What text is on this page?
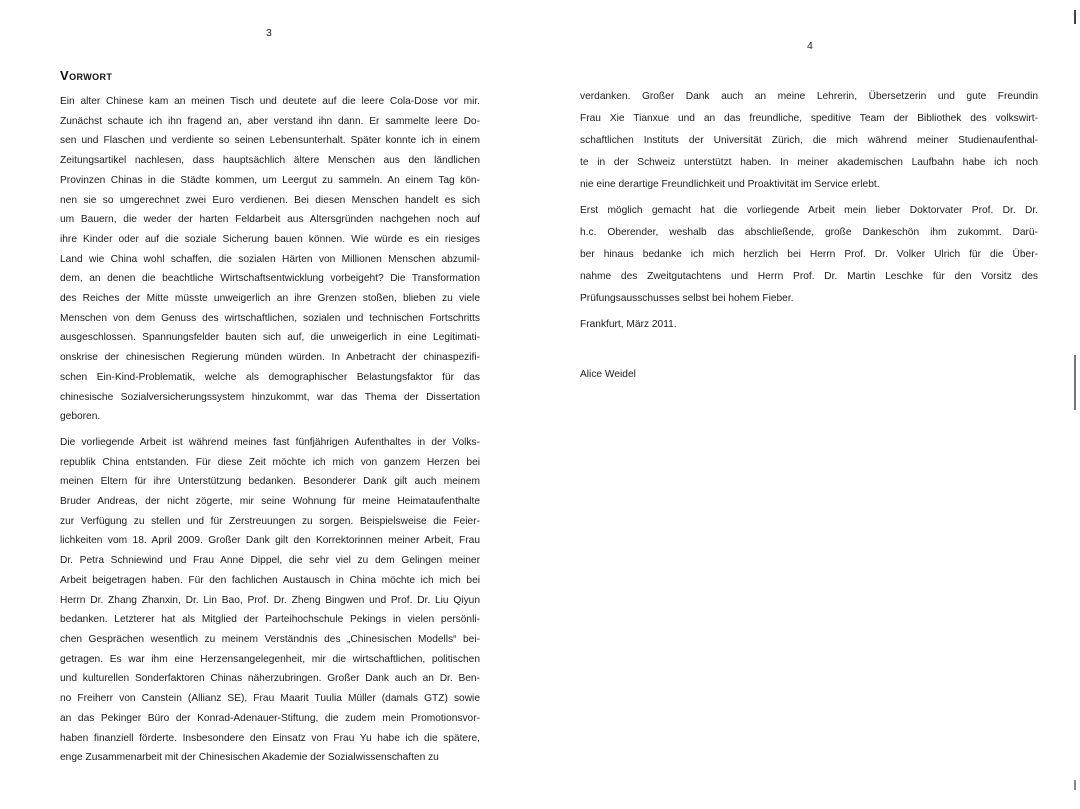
3
4
Vorwort
Ein alter Chinese kam an meinen Tisch und deutete auf die leere Cola-Dose vor mir.
Zunächst schaute ich ihn fragend an, aber verstand ihn dann. Er sammelte leere Do-
sen und Flaschen und verdiente so seinen Lebensunterhalt. Später konnte ich in einem
Zeitungsartikel nachlesen, dass hauptsächlich ältere Menschen aus den ländlichen
Provinzen Chinas in die Städte kommen, um Leergut zu sammeln. An einem Tag kön-
nen sie so umgerechnet zwei Euro verdienen. Bei diesen Menschen handelt es sich
um Bauern, die weder der harten Feldarbeit aus Altersgründen nachgehen noch auf
ihre Kinder oder auf die soziale Sicherung bauen können. Wie würde es ein riesiges
Land wie China wohl schaffen, die sozialen Härten von Millionen Menschen abzumil-
dem, an denen die beachtliche Wirtschaftsentwicklung vorbeigeht? Die Transformation
des Reiches der Mitte müsste unweigerlich an ihre Grenzen stoßen, blieben zu viele
Menschen von dem Genuss des wirtschaftlichen, sozialen und technischen Fortschritts
ausgeschlossen. Spannungsfelder bauten sich auf, die unweigerlich in eine Legitimati-
onskrise der chinesischen Regierung münden würden. In Anbetracht der chinaspezifi-
schen Ein-Kind-Problematik, welche als demographischer Belastungsfaktor für das
chinesische Sozialversicherungssystem hinzukommt, war das Thema der Dissertation
geboren.
Die vorliegende Arbeit ist während meines fast fünfjährigen Aufenthaltes in der Volks-
republik China entstanden. Für diese Zeit möchte ich mich von ganzem Herzen bei
meinen Eltern für ihre Unterstützung bedanken. Besonderer Dank gilt auch meinem
Bruder Andreas, der nicht zögerte, mir seine Wohnung für meine Heimataufenthalte
zur Verfügung zu stellen und für Zerstreuungen zu sorgen. Beispielsweise die Feier-
lichkeiten vom 18. April 2009. Großer Dank gilt den Korrektorinnen meiner Arbeit, Frau
Dr. Petra Schniewind und Frau Anne Dippel, die sehr viel zu dem Gelingen meiner
Arbeit beigetragen haben. Für den fachlichen Austausch in China möchte ich mich bei
Herrn Dr. Zhang Zhanxin, Dr. Lin Bao, Prof. Dr. Zheng Bingwen und Prof. Dr. Liu Qiyun
bedanken. Letzterer hat als Mitglied der Parteihochschule Pekings in vielen persönli-
chen Gesprächen wesentlich zu meinem Verständnis des „Chinesischen Modells“ bei-
getragen. Es war ihm eine Herzensangelegenheit, mir die wirtschaftlichen, politischen
und kulturellen Sonderfaktoren Chinas näherzubringen. Großer Dank auch an Dr. Ben-
no Freiherr von Canstein (Allianz SE), Frau Maarit Tuulia Müller (damals GTZ) sowie
an das Pekinger Büro der Konrad-Adenauer-Stiftung, die zudem mein Promotionsvor-
haben finanziell förderte. Insbesondere den Einsatz von Frau Yu habe ich die spätere,
enge Zusammenarbeit mit der Chinesischen Akademie der Sozialwissenschaften zu
verdanken. Großer Dank auch an meine Lehrerin, Übersetzerin und gute Freundin
Frau Xie Tianxue und an das freundliche, speditive Team der Bibliothek des volkswirt-
schaftlichen Instituts der Universität Zürich, die mich während meiner Studienaufenthal-
te in der Schweiz unterstützt haben. In meiner akademischen Laufbahn habe ich noch
nie eine derartige Freundlichkeit und Proaktivität im Service erlebt.
Erst möglich gemacht hat die vorliegende Arbeit mein lieber Doktorvater Prof. Dr. Dr.
h.c. Oberender, weshalb das abschließende, große Dankeschön ihm zukommt. Darü-
ber hinaus bedanke ich mich herzlich bei Herrn Prof. Dr. Volker Ulrich für die Über-
nahme des Zweitgutachtens und Herrn Prof. Dr. Martin Leschke für den Vorsitz des
Prüfungsausschusses selbst bei hohem Fieber.
Frankfurt, März 2011.
Alice Weidel
